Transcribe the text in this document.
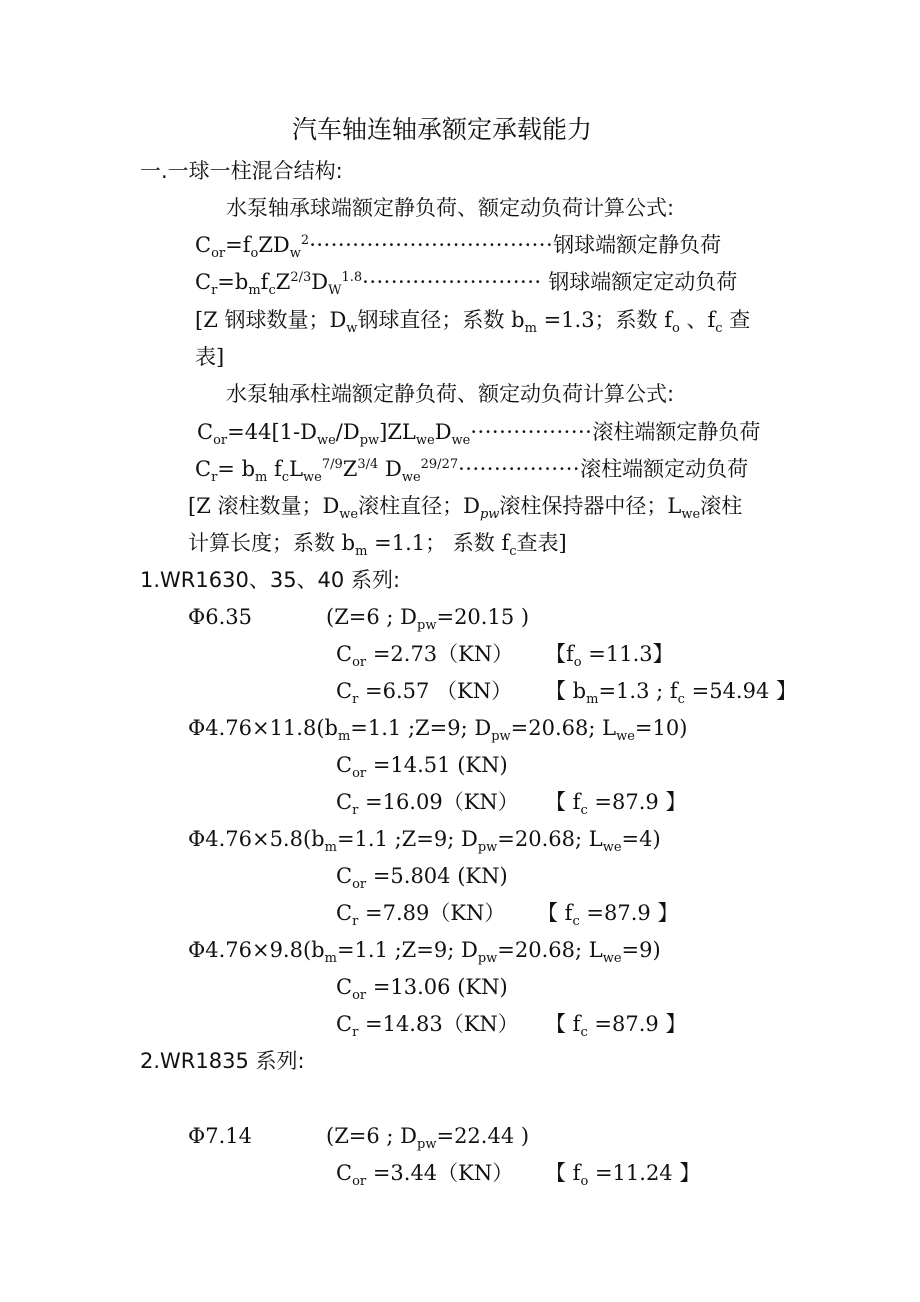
汽车轴连轴承额定承载能力
一.一球一柱混合结构:
水泵轴承球端额定静负荷、额定动负荷计算公式:
$C_{or}=f_oZD_w^2\cdot\cdot\cdot\cdot\cdot\cdot\cdot\cdot\cdot\cdot\cdot\cdot\cdot\cdot\cdot\cdot\cdot\cdot\cdot\cdot\cdot\cdot\cdot\cdot\cdot\cdot\cdot\cdot\cdot\cdot\cdot\cdot\cdot\cdot$钢球端额定静负荷
$C_r=b_mf_cZ^{2/3}D_W^{1.8}\cdot\cdot\cdot\cdot\cdot\cdot\cdot\cdot\cdot\cdot\cdot\cdot\cdot\cdot\cdot\cdot\cdot\cdot\cdot\cdot\cdot\cdot\cdot\cdot\cdot$ 钢球端额定定动负荷
[Z 钢球数量；$D_w$钢球直径；系数 $b_m =1.3$；系数 $f_o$ 、$f_c$ 查
表]
水泵轴承柱端额定静负荷、额定动负荷计算公式:
$C_{or}=44[1-D_{we}/D_{pw}]ZL_{we}D_{we}\cdot\cdot\cdot\cdot\cdot\cdot\cdot\cdot\cdot\cdot\cdot\cdot\cdot\cdot\cdot\cdot\cdot$滚柱端额定静负荷
$C_r= b_m$ $f_cL_{we}^{7/9}Z^{3/4}$ $D_{we}^{29/27}\cdot\cdot\cdot\cdot\cdot\cdot\cdot\cdot\cdot\cdot\cdot\cdot\cdot\cdot\cdot\cdot\cdot$滚柱端额定动负荷
[Z 滚柱数量；$D_{we}$滚柱直径；$D_{pw}$滚柱保持器中径；$L_{we}$滚柱
计算长度；系数 $b_m =1.1$； 系数 $f_c$查表]
1.WR1630、35、40 系列:
Φ6.35	(Z=6 ; $D_{pw}=20.15$ )
$C_{or} =2.73(KN)$ 【$f_o =11.3$】
$C_r =6.57$ （KN） 【 $b_m=1.3$ ; $f_c =54.94$ 】
$\Phi 4.76\times 11.8(b_m=1.1$ ;Z=9; $D_{pw}=20.68$; $L_{we}=10$)
$C_{or} =14.51$ (KN)
$C_r =16.09(KN)$ 【 $f_c =87.9$ 】
$\Phi 4.76\times 5.8(b_m=1.1$ ;Z=9; $D_{pw}=20.68$; $L_{we}=4$)
$C_{or} =5.804$ (KN)
$C_r =7.89(KN)$ 【 $f_c =87.9$ 】
$\Phi 4.76\times 9.8(b_m=1.1$ ;Z=9; $D_{pw}=20.68$; $L_{we}=9$)
$C_{or} =13.06$ (KN)
$C_r =14.83(KN)$ 【 $f_c =87.9$ 】
2.WR1835 系列:
Φ7.14	(Z=6 ; $D_{pw}=22.44$ )
$C_{or} =3.44(KN)$ 【 $f_o =11.24$ 】
